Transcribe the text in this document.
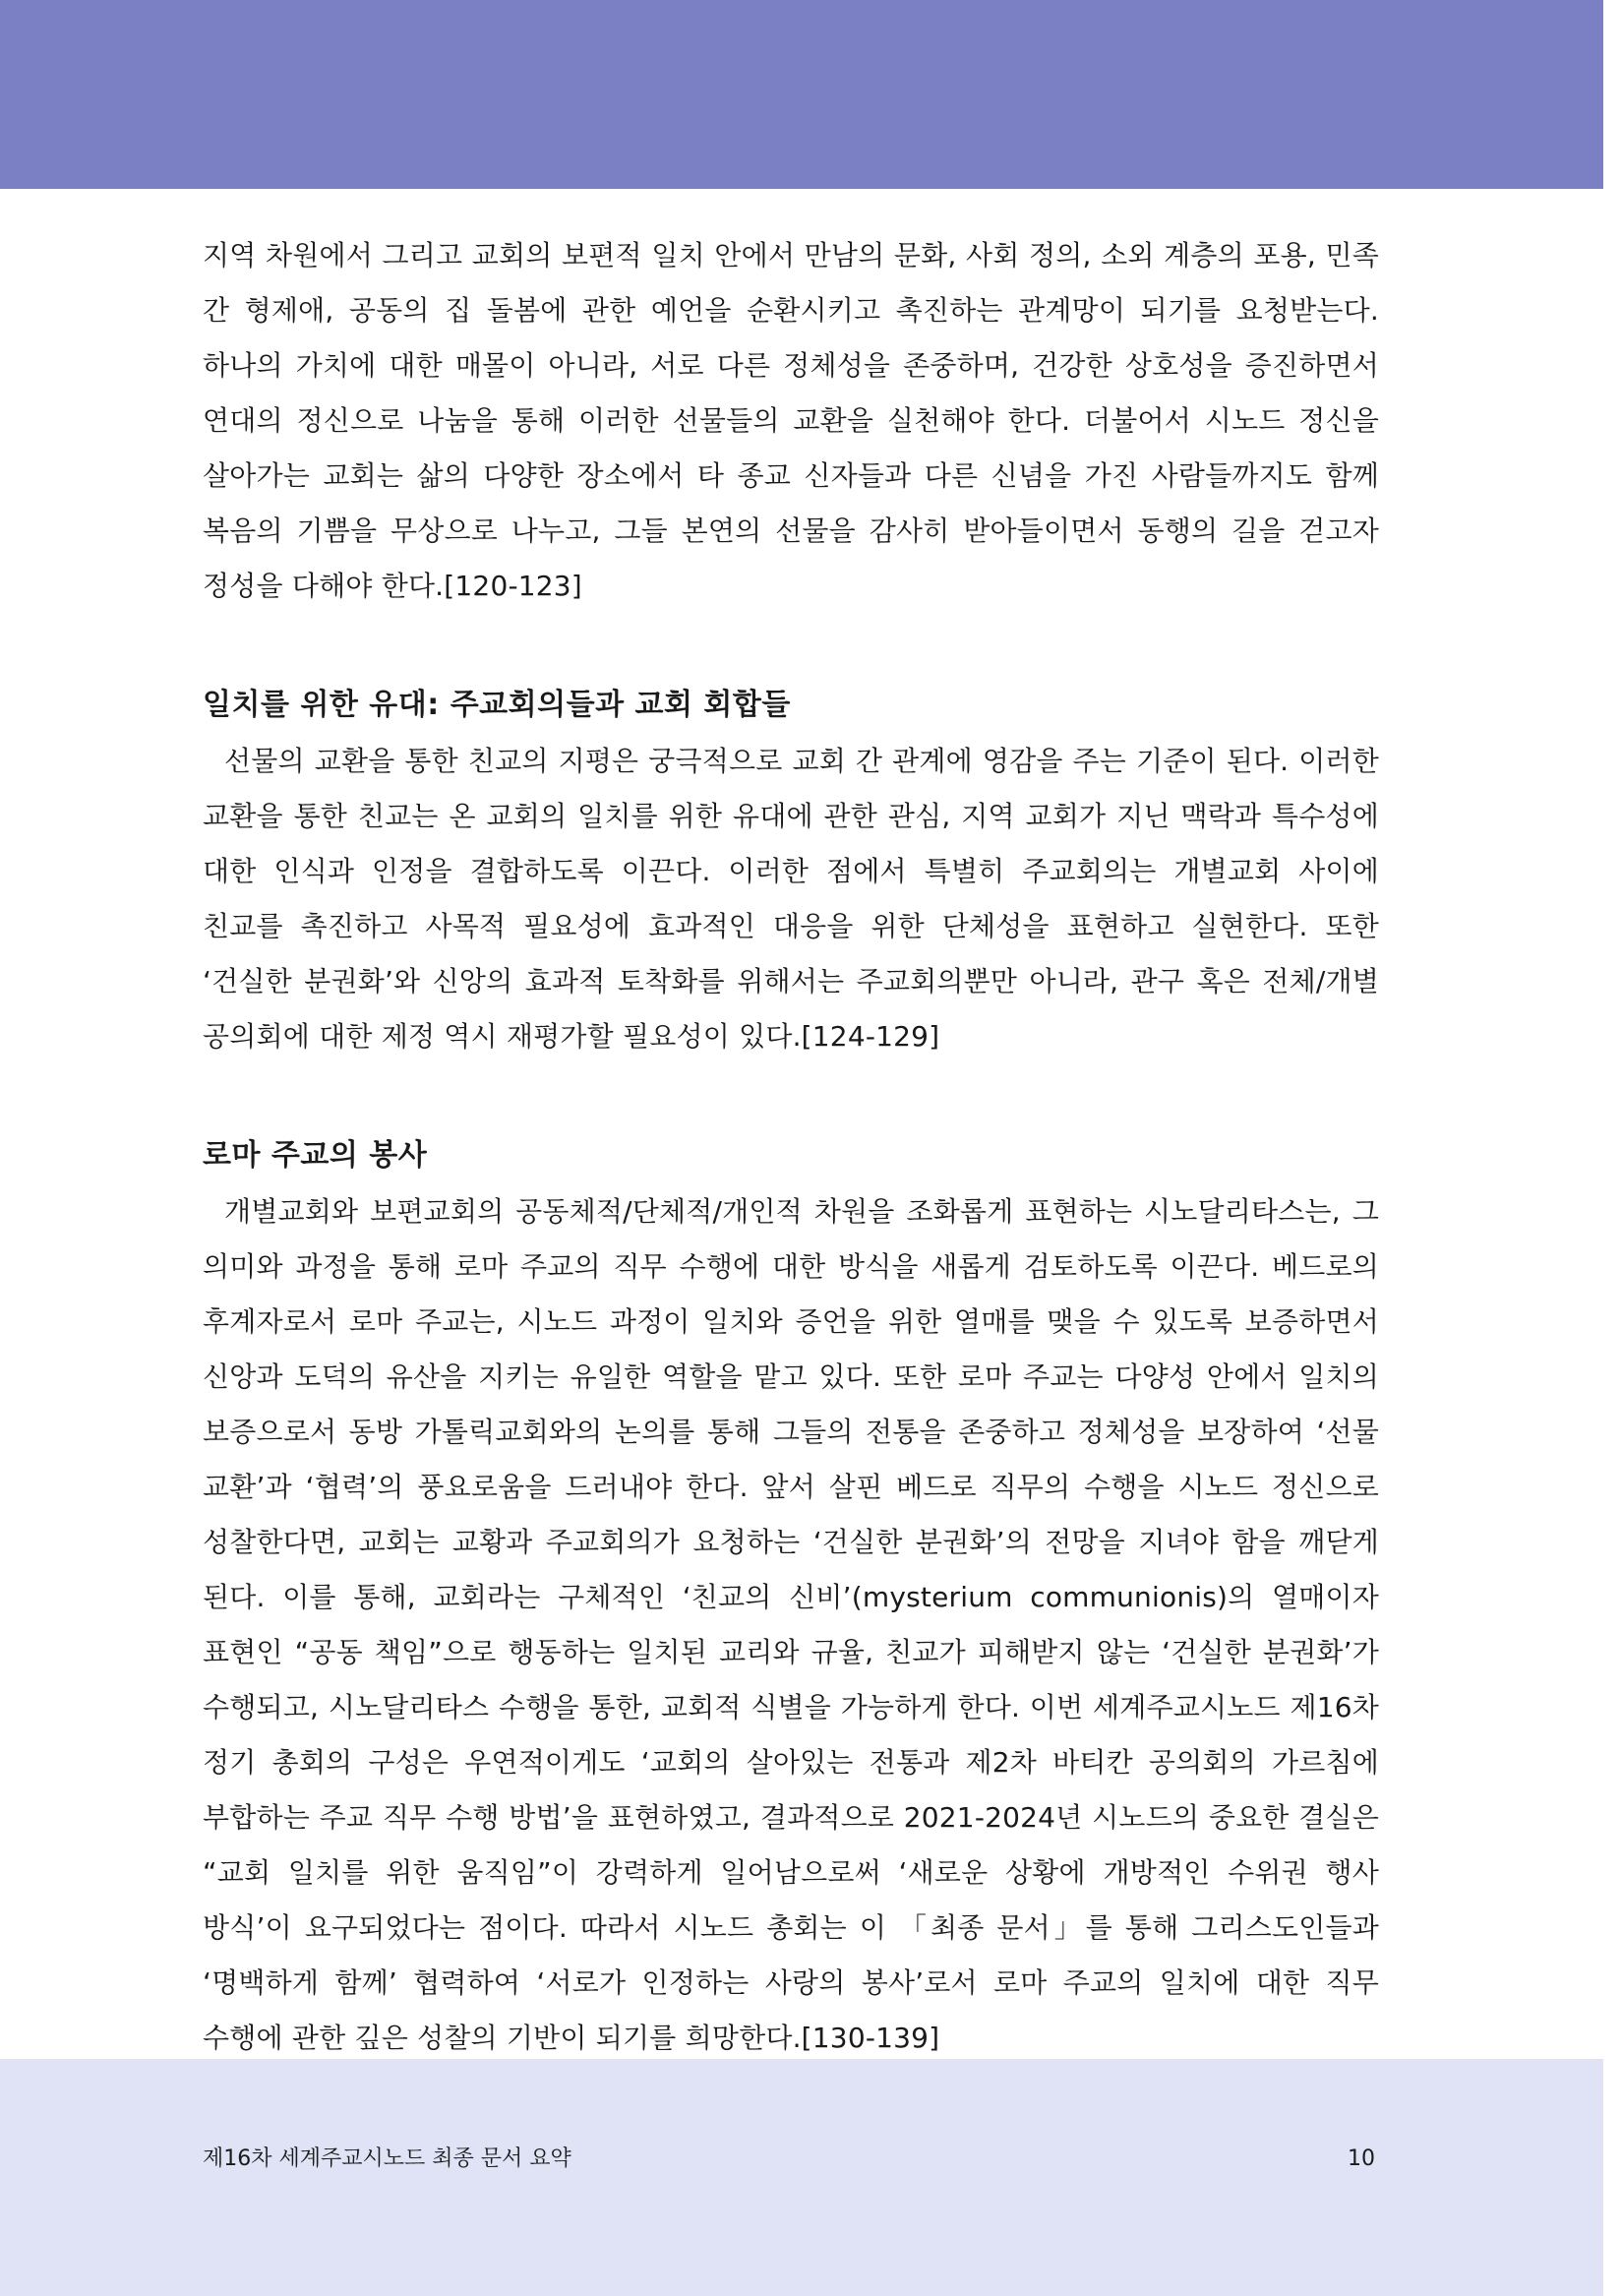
지역 차원에서 그리고 교회의 보편적 일치 안에서 만남의 문화, 사회 정의, 소외 계층의 포용, 민족 간 형제애, 공동의 집 돌봄에 관한 예언을 순환시키고 촉진하는 관계망이 되기를 요청받는다. 하나의 가치에 대한 매몰이 아니라, 서로 다른 정체성을 존중하며, 건강한 상호성을 증진하면서 연대의 정신으로 나눔을 통해 이러한 선물들의 교환을 실천해야 한다. 더불어서 시노드 정신을 살아가는 교회는 삶의 다양한 장소에서 타 종교 신자들과 다른 신념을 가진 사람들까지도 함께 복음의 기쁨을 무상으로 나누고, 그들 본연의 선물을 감사히 받아들이면서 동행의 길을 걷고자 정성을 다해야 한다.[120-123]

일치를 위한 유대: 주교회의들과 교회 회합들

선물의 교환을 통한 친교의 지평은 궁극적으로 교회 간 관계에 영감을 주는 기준이 된다. 이러한 교환을 통한 친교는 온 교회의 일치를 위한 유대에 관한 관심, 지역 교회가 지닌 맥락과 특수성에 대한 인식과 인정을 결합하도록 이끈다. 이러한 점에서 특별히 주교회의는 개별교회 사이에 친교를 촉진하고 사목적 필요성에 효과적인 대응을 위한 단체성을 표현하고 실현한다. 또한 ‘건실한 분권화’와 신앙의 효과적 토착화를 위해서는 주교회의뿐만 아니라, 관구 혹은 전체/개별 공의회에 대한 제정 역시 재평가할 필요성이 있다.[124-129]

로마 주교의 봉사

개별교회와 보편교회의 공동체적/단체적/개인적 차원을 조화롭게 표현하는 시노달리타스는, 그 의미와 과정을 통해 로마 주교의 직무 수행에 대한 방식을 새롭게 검토하도록 이끈다. 베드로의 후계자로서 로마 주교는, 시노드 과정이 일치와 증언을 위한 열매를 맺을 수 있도록 보증하면서 신앙과 도덕의 유산을 지키는 유일한 역할을 맡고 있다. 또한 로마 주교는 다양성 안에서 일치의 보증으로서 동방 가톨릭교회와의 논의를 통해 그들의 전통을 존중하고 정체성을 보장하여 ‘선물 교환’과 ‘협력’의 풍요로움을 드러내야 한다. 앞서 살핀 베드로 직무의 수행을 시노드 정신으로 성찰한다면, 교회는 교황과 주교회의가 요청하는 ‘건실한 분권화’의 전망을 지녀야 함을 깨닫게 된다. 이를 통해, 교회라는 구체적인 ‘친교의 신비’(mysterium communionis)의 열매이자 표현인 “공동 책임”으로 행동하는 일치된 교리와 규율, 친교가 피해받지 않는 ‘건실한 분권화’가 수행되고, 시노달리타스 수행을 통한, 교회적 식별을 가능하게 한다. 이번 세계주교시노드 제16차 정기 총회의 구성은 우연적이게도 ‘교회의 살아있는 전통과 제2차 바티칸 공의회의 가르침에 부합하는 주교 직무 수행 방법’을 표현하였고, 결과적으로 2021-2024년 시노드의 중요한 결실은 “교회 일치를 위한 움직임”이 강력하게 일어남으로써 ‘새로운 상황에 개방적인 수위권 행사 방식’이 요구되었다는 점이다. 따라서 시노드 총회는 이 「최종 문서」를 통해 그리스도인들과 ‘명백하게 함께’ 협력하여 ‘서로가 인정하는 사랑의 봉사’로서 로마 주교의 일치에 대한 직무 수행에 관한 깊은 성찰의 기반이 되기를 희망한다.[130-139]

제16차 세계주교시노드 최종 문서 요약	10
